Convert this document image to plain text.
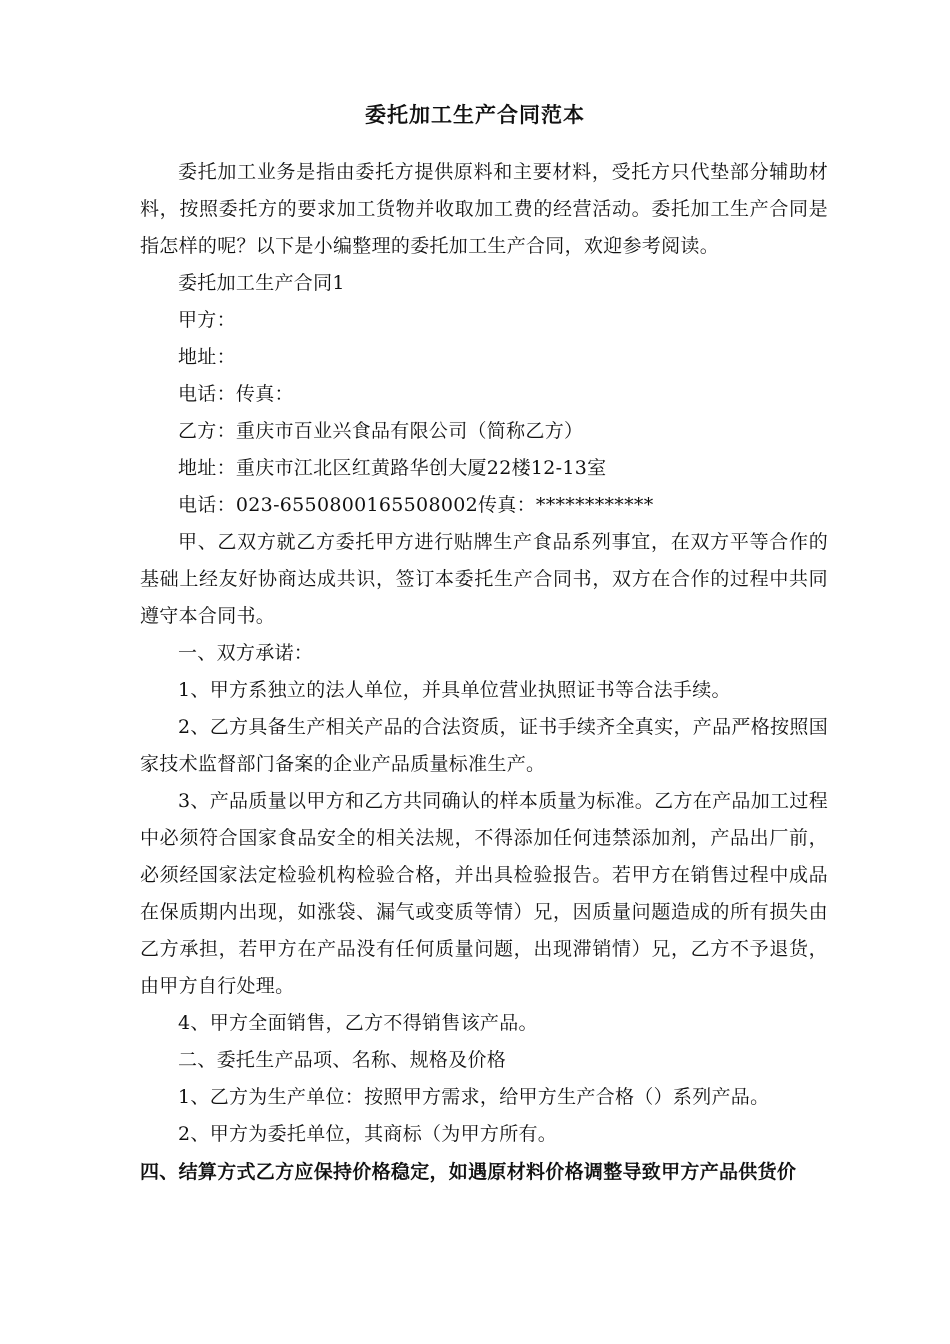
委托加工生产合同范本

委托加工业务是指由委托方提供原料和主要材料，受托方只代垫部分辅助材料，按照委托方的要求加工货物并收取加工费的经营活动。委托加工生产合同是指怎样的呢？以下是小编整理的委托加工生产合同，欢迎参考阅读。

委托加工生产合同1

甲方：

地址：

电话：传真：

乙方：重庆市百业兴食品有限公司（简称乙方）

地址：重庆市江北区红黄路华创大厦22楼12-13室

电话：023-6550800165508002传真：************

甲、乙双方就乙方委托甲方进行贴牌生产食品系列事宜，在双方平等合作的基础上经友好协商达成共识，签订本委托生产合同书，双方在合作的过程中共同遵守本合同书。

一、双方承诺：

1、甲方系独立的法人单位，并具单位营业执照证书等合法手续。

2、乙方具备生产相关产品的合法资质，证书手续齐全真实，产品严格按照国家技术监督部门备案的企业产品质量标准生产。

3、产品质量以甲方和乙方共同确认的样本质量为标准。乙方在产品加工过程中必须符合国家食品安全的相关法规，不得添加任何违禁添加剂，产品出厂前，必须经国家法定检验机构检验合格，并出具检验报告。若甲方在销售过程中成品在保质期内出现，如涨袋、漏气或变质等情）兄，因质量问题造成的所有损失由乙方承担，若甲方在产品没有任何质量问题，出现滞销情）兄，乙方不予退货，由甲方自行处理。

4、甲方全面销售，乙方不得销售该产品。

二、委托生产品项、名称、规格及价格

1、乙方为生产单位：按照甲方需求，给甲方生产合格（）系列产品。

2、甲方为委托单位，其商标（为甲方所有。

四、结算方式乙方应保持价格稳定，如遇原材料价格调整导致甲方产品供货价
